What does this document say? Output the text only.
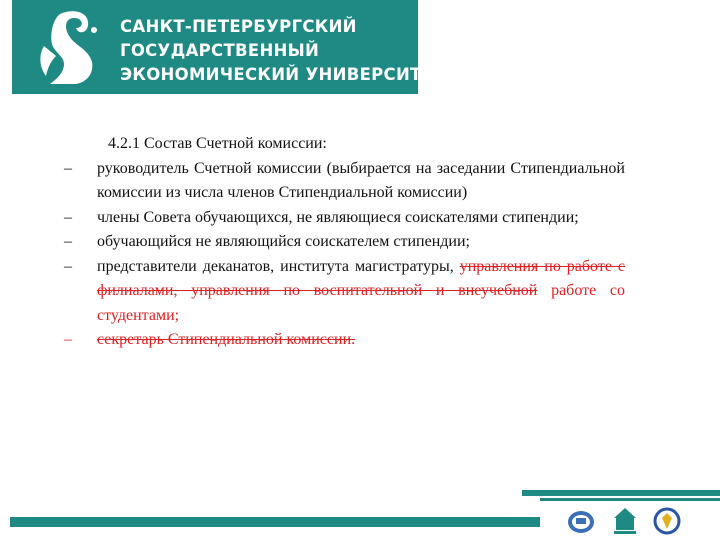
САНКТ-ПЕТЕРБУРГСКИЙ
ГОСУДАРСТВЕННЫЙ
ЭКОНОМИЧЕСКИЙ УНИВЕРСИТЕТ
4.2.1 Состав Счетной комиссии:
– руководитель Счетной комиссии (выбирается на заседании Стипендиальной комиссии из числа членов Стипендиальной комиссии)
– члены Совета обучающихся, не являющиеся соискателями стипендии;
– обучающийся не являющийся соискателем стипендии;
– представители деканатов, института магистратуры, управления по работе с филиалами, управления по воспитательной и внеучебной работе со студентами;
– секретарь Стипендиальной комиссии.
